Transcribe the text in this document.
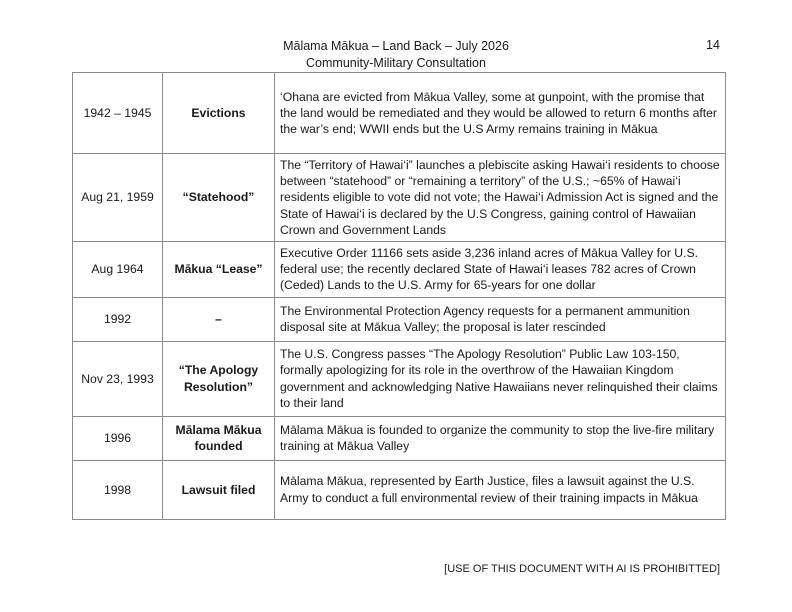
Mālama Mākua – Land Back – July 2026
Community-Military Consultation
14
1942 – 1945	Evictions	‘Ohana are evicted from Mākua Valley, some at gunpoint, with the promise that the land would be remediated and they would be allowed to return 6 months after the war’s end; WWII ends but the U.S Army remains training in Mākua
Aug 21, 1959	“Statehood”	The “Territory of Hawai‘i” launches a plebiscite asking Hawai‘i residents to choose between “statehood” or “remaining a territory” of the U.S.; ~65% of Hawai‘i residents eligible to vote did not vote; the Hawai‘i Admission Act is signed and the State of Hawai‘i is declared by the U.S Congress, gaining control of Hawaiian Crown and Government Lands
Aug 1964	Mākua “Lease”	Executive Order 11166 sets aside 3,236 inland acres of Mākua Valley for U.S. federal use; the recently declared State of Hawai‘i leases 782 acres of Crown (Ceded) Lands to the U.S. Army for 65-years for one dollar
1992	–	The Environmental Protection Agency requests for a permanent ammunition disposal site at Mākua Valley; the proposal is later rescinded
Nov 23, 1993	“The Apology Resolution”	The U.S. Congress passes “The Apology Resolution” Public Law 103-150, formally apologizing for its role in the overthrow of the Hawaiian Kingdom government and acknowledging Native Hawaiians never relinquished their claims to their land
1996	Mālama Mākua founded	Mālama Mākua is founded to organize the community to stop the live-fire military training at Mākua Valley
1998	Lawsuit filed	Mālama Mākua, represented by Earth Justice, files a lawsuit against the U.S. Army to conduct a full environmental review of their training impacts in Mākua
[USE OF THIS DOCUMENT WITH AI IS PROHIBITTED]
